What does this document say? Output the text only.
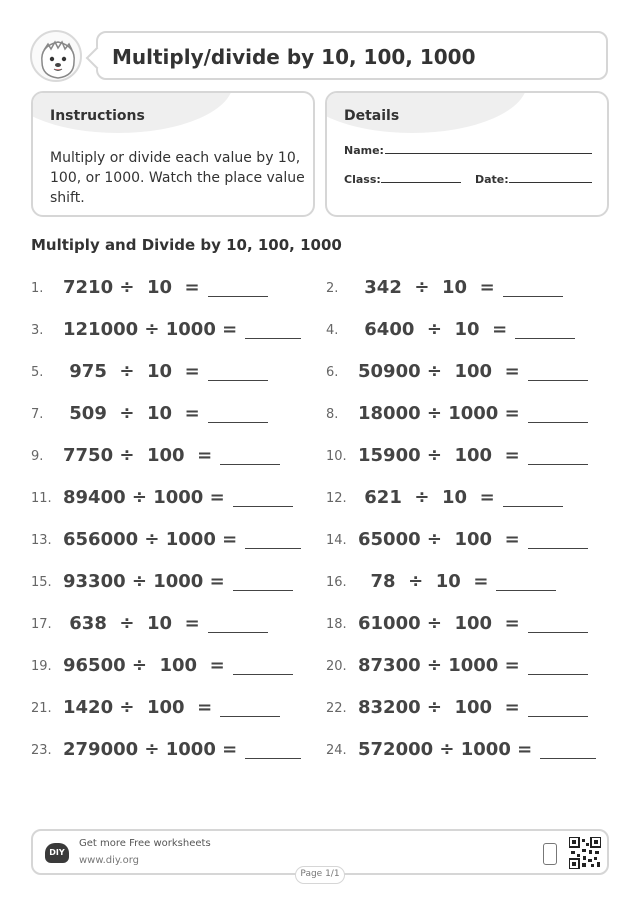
Multiply/divide by 10, 100, 1000
Instructions
Multiply or divide each value by 10, 100, or 1000. Watch the place value shift.
Details
Name:
Class:	Date:
Multiply and Divide by 10, 100, 1000
1. 7210 ÷  10  =	2. 342  ÷  10  =
3. 121000 ÷ 1000 =	4. 6400  ÷  10  =
5. 975  ÷  10  =	6. 50900 ÷  100  =
7. 509  ÷  10  =	8. 18000 ÷ 1000 =
9. 7750 ÷  100  =	10. 15900 ÷  100  =
11. 89400 ÷ 1000 =	12. 621  ÷  10  =
13. 656000 ÷ 1000 =	14. 65000 ÷  100  =
15. 93300 ÷ 1000 =	16. 78  ÷  10  =
17. 638  ÷  10  =	18. 61000 ÷  100  =
19. 96500 ÷  100  =	20. 87300 ÷ 1000 =
21. 1420 ÷  100  =	22. 83200 ÷  100  =
23. 279000 ÷ 1000 =	24. 572000 ÷ 1000 =
DIY
Get more Free worksheets
www.diy.org
Page 1/1
